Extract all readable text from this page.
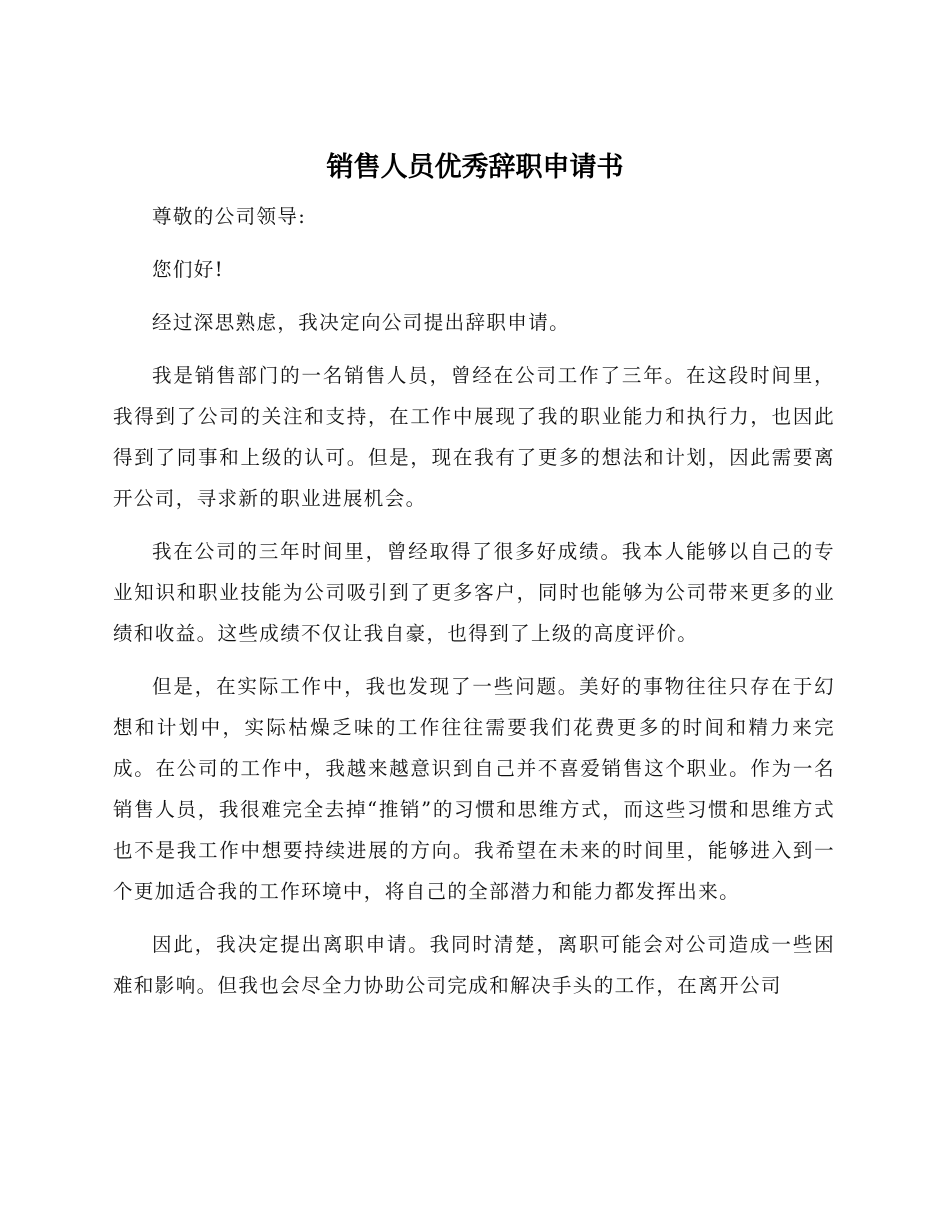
销售人员优秀辞职申请书

尊敬的公司领导:

您们好!

经过深思熟虑，我决定向公司提出辞职申请。

我是销售部门的一名销售人员，曾经在公司工作了三年。在这段时间里，我得到了公司的关注和支持，在工作中展现了我的职业能力和执行力，也因此得到了同事和上级的认可。但是，现在我有了更多的想法和计划，因此需要离开公司，寻求新的职业进展机会。

我在公司的三年时间里，曾经取得了很多好成绩。我本人能够以自己的专业知识和职业技能为公司吸引到了更多客户，同时也能够为公司带来更多的业绩和收益。这些成绩不仅让我自豪，也得到了上级的高度评价。

但是，在实际工作中，我也发现了一些问题。美好的事物往往只存在于幻想和计划中，实际枯燥乏味的工作往往需要我们花费更多的时间和精力来完成。在公司的工作中，我越来越意识到自己并不喜爱销售这个职业。作为一名销售人员，我很难完全去掉“推销”的习惯和思维方式，而这些习惯和思维方式也不是我工作中想要持续进展的方向。我希望在未来的时间里，能够进入到一个更加适合我的工作环境中，将自己的全部潜力和能力都发挥出来。

因此，我决定提出离职申请。我同时清楚，离职可能会对公司造成一些困难和影响。但我也会尽全力协助公司完成和解决手头的工作，在离开公司
